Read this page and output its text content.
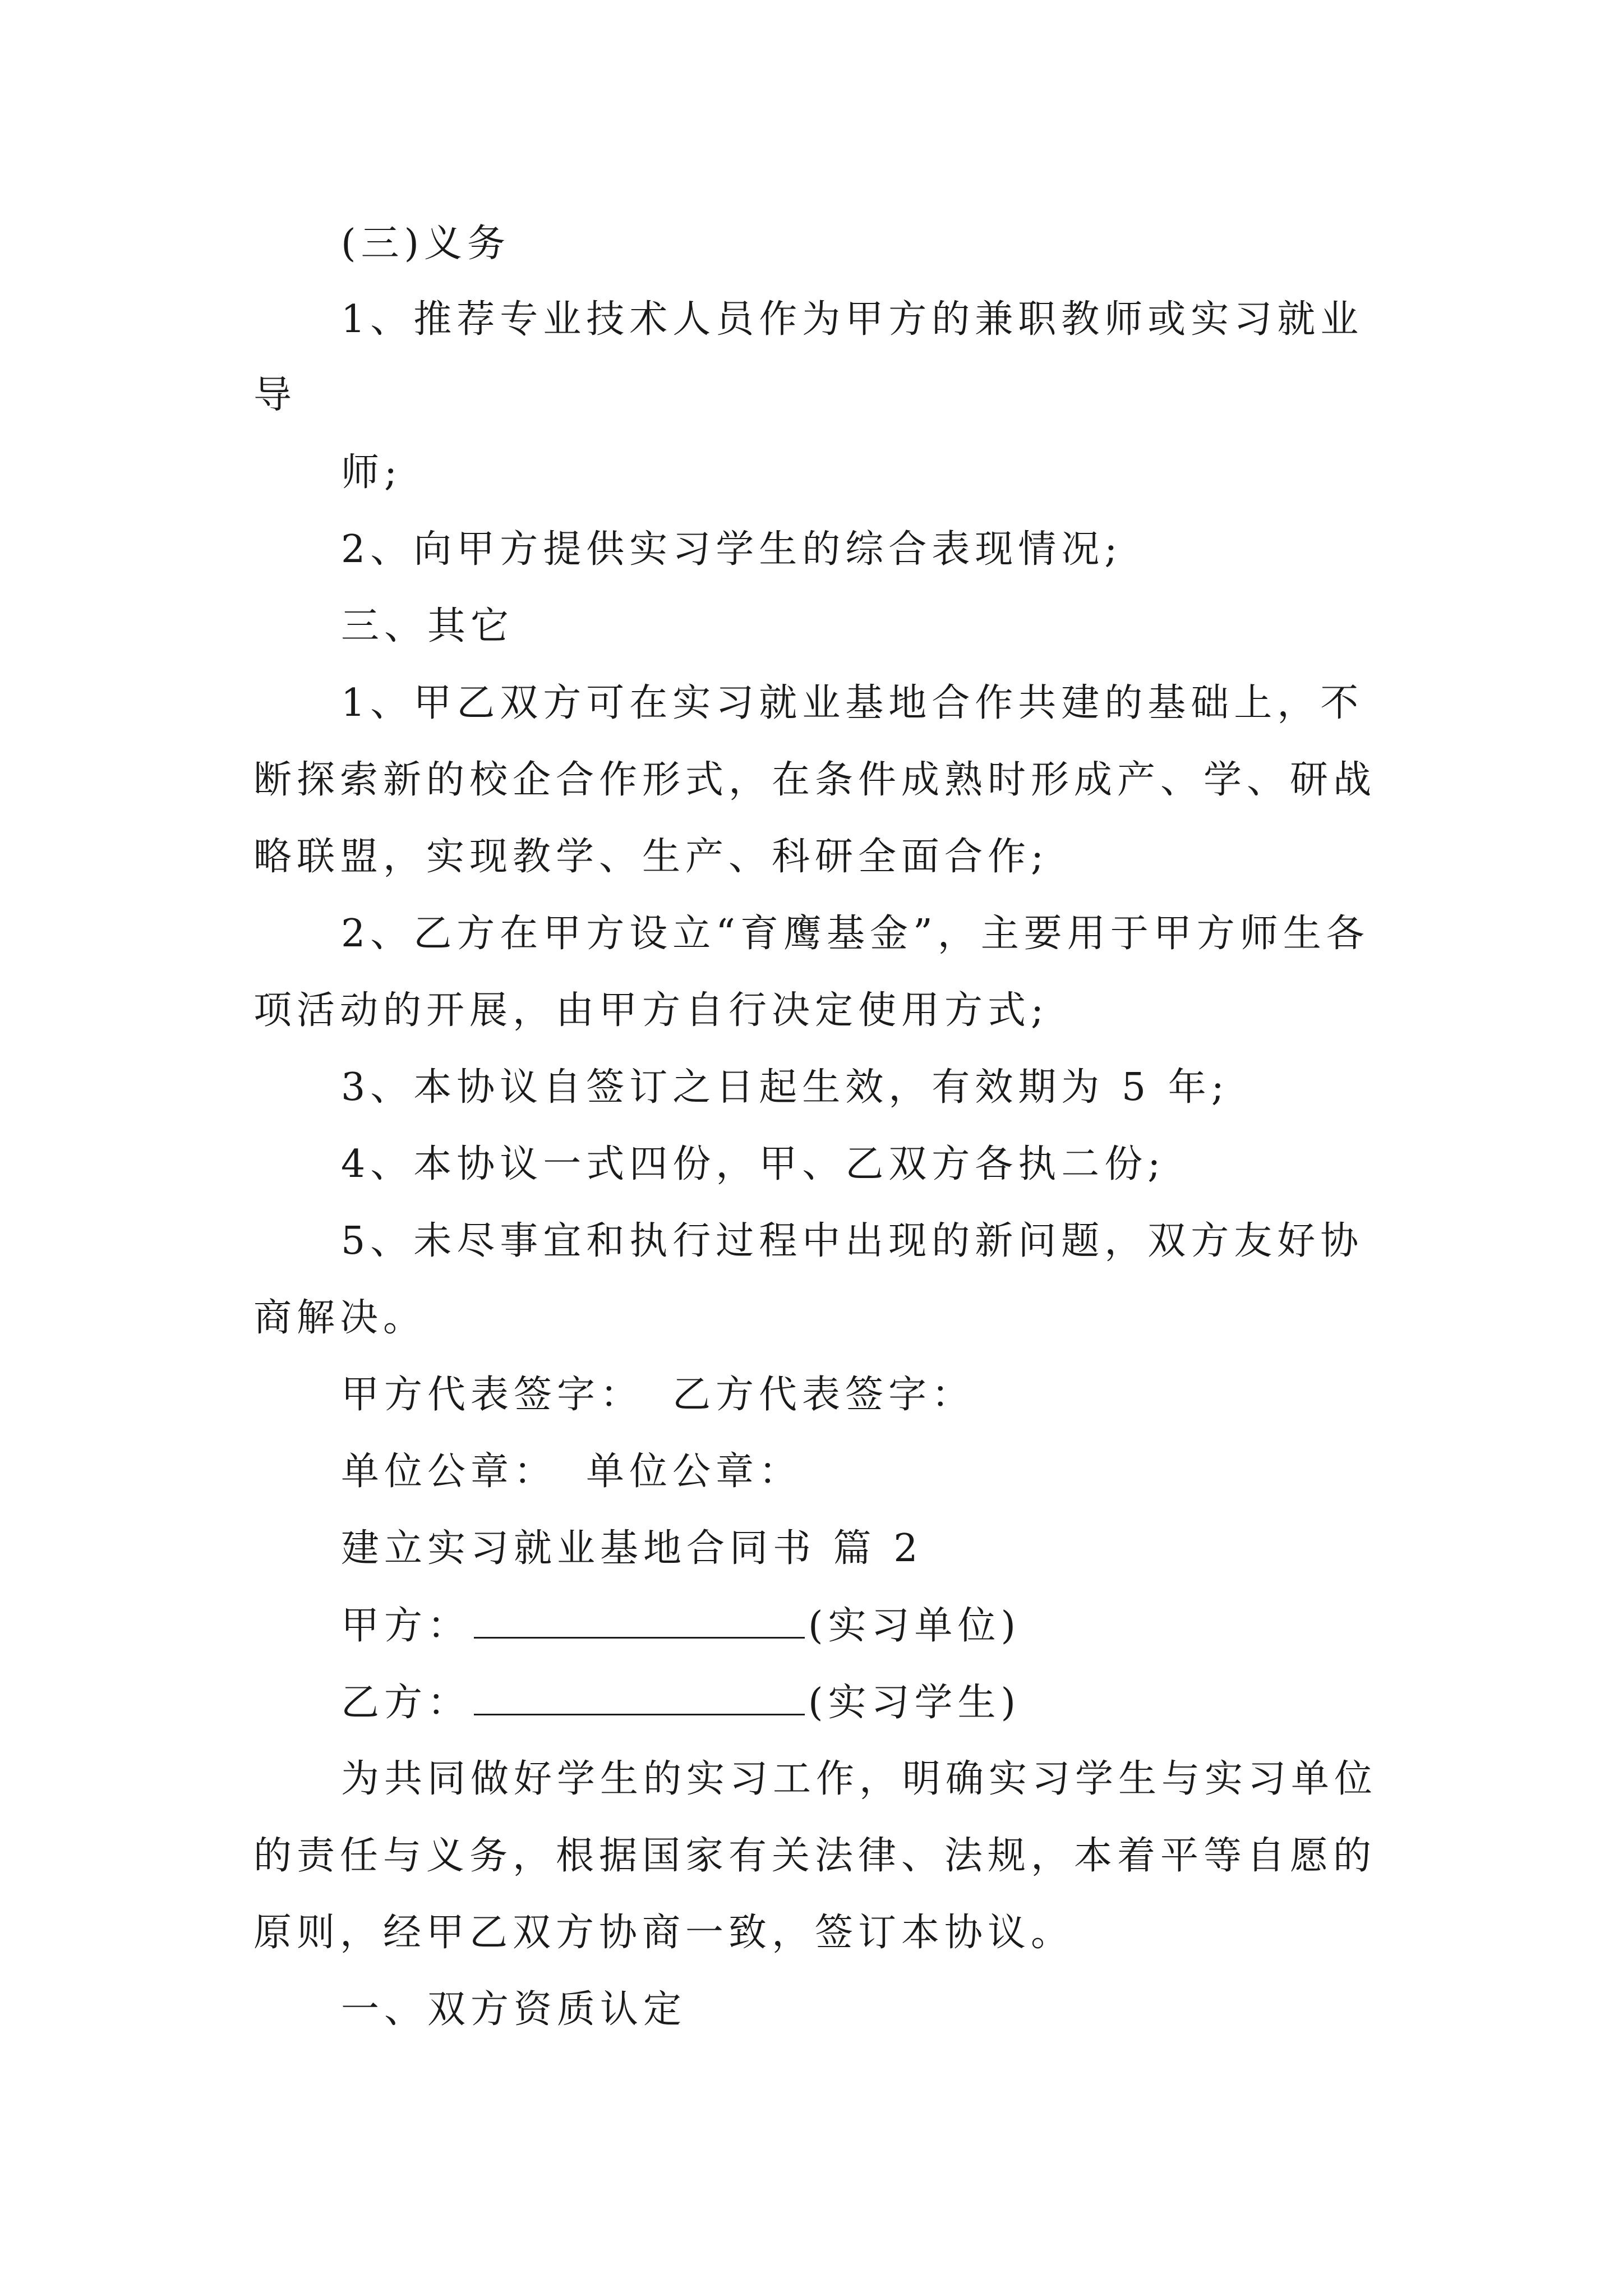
(三)义务
1、推荐专业技术人员作为甲方的兼职教师或实习就业
导
师;
2、向甲方提供实习学生的综合表现情况;
三、其它
1、甲乙双方可在实习就业基地合作共建的基础上，不
断探索新的校企合作形式，在条件成熟时形成产、学、研战
略联盟，实现教学、生产、科研全面合作;
2、乙方在甲方设立“育鹰基金”，主要用于甲方师生各
项活动的开展，由甲方自行决定使用方式;
3、本协议自签订之日起生效，有效期为 5 年;
4、本协议一式四份，甲、乙双方各执二份;
5、未尽事宜和执行过程中出现的新问题，双方友好协
商解决。
甲方代表签字： 乙方代表签字：
单位公章： 单位公章：
建立实习就业基地合同书 篇 2
甲方：	(实习单位)
乙方：	(实习学生)
为共同做好学生的实习工作，明确实习学生与实习单位
的责任与义务，根据国家有关法律、法规，本着平等自愿的
原则，经甲乙双方协商一致，签订本协议。
一、双方资质认定
